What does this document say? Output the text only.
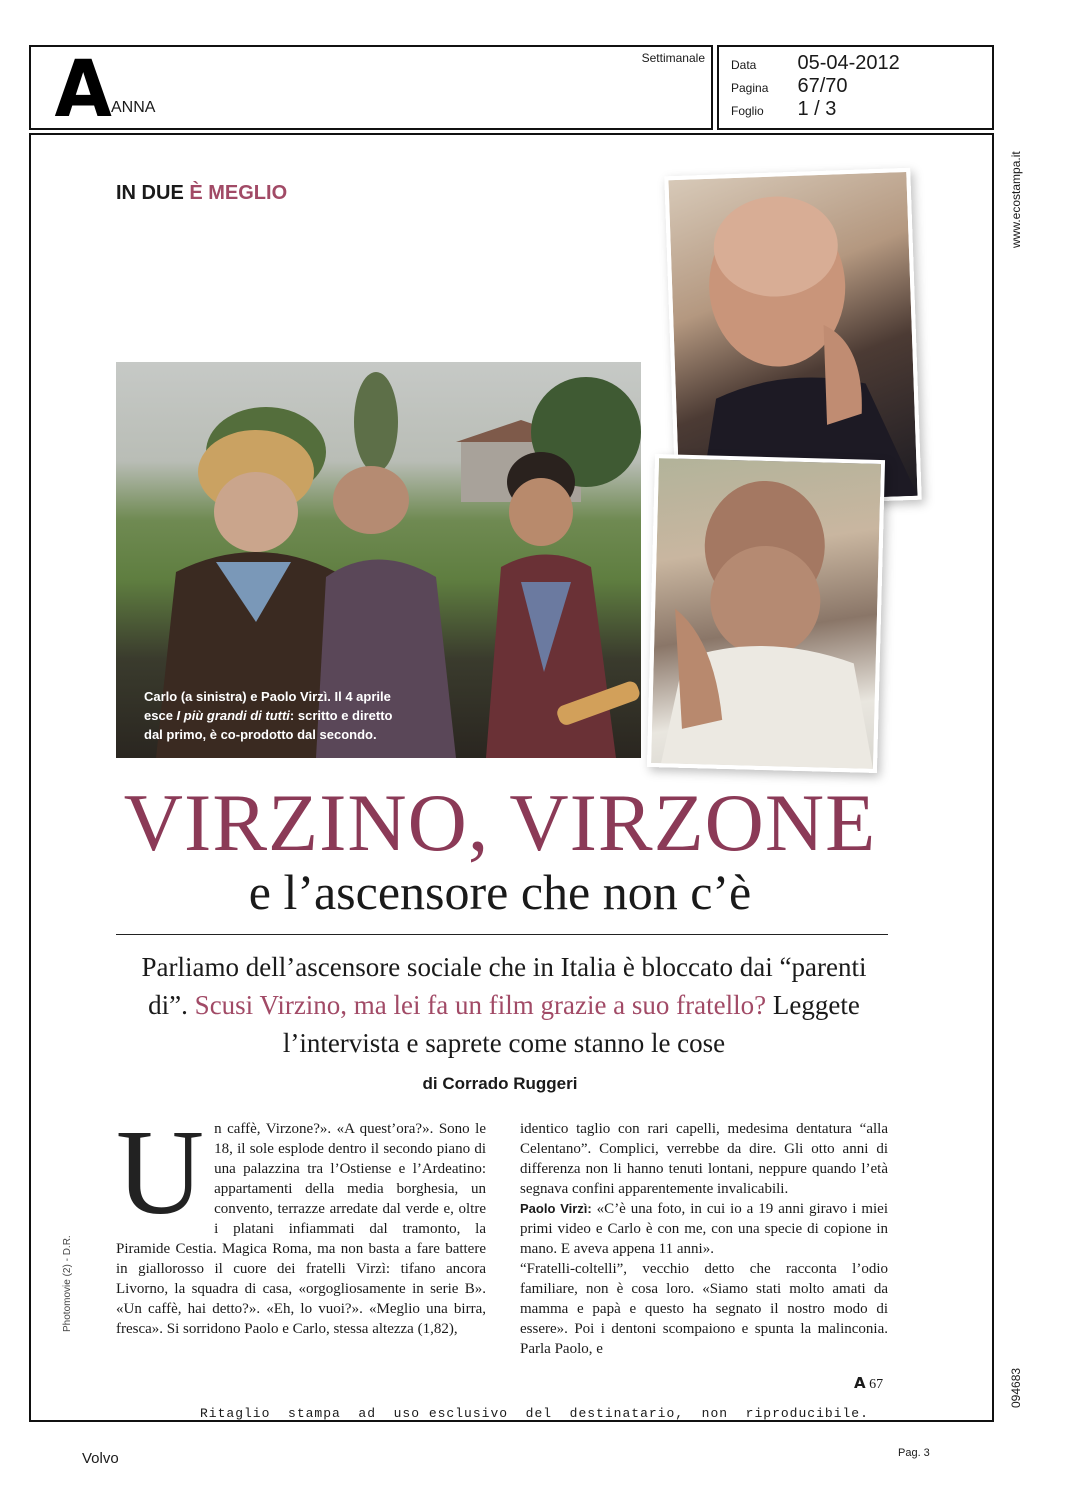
A ANNA
Settimanale Data 05-04-2012
Pagina 67/70
Foglio 1 / 3
www.ecostampa.it
094683
Photomovie (2) - D.R.
IN DUE È MEGLIO
Carlo (a sinistra) e Paolo Virzì. Il 4 aprile
esce I più grandi di tutti: scritto e diretto
dal primo, è co-prodotto dal secondo.
VIRZINO, VIRZONE
e l’ascensore che non c’è
Parliamo dell’ascensore sociale che in Italia è bloccato dai “parenti di”. Scusi Virzino, ma lei fa un film grazie a suo fratello? Leggete l’intervista e saprete come stanno le cose
di Corrado Ruggeri
U n caffè, Virzone?». «A quest’ora?». Sono le 18, il sole esplode dentro il secondo piano di una palazzina tra l’Ostiense e l’Ardeatino: appartamenti della media borghesia, un convento, terrazze arredate dal verde e, oltre i platani infiammati dal tramonto, la Piramide Cestia. Magica Roma, ma non basta a fare battere in giallorosso il cuore dei fratelli Virzì: tifano ancora Livorno, la squadra di casa, «orgogliosamente in serie B». «Un caffè, hai detto?». «Eh, lo vuoi?». «Meglio una birra, fresca». Si sorridono Paolo e Carlo, stessa altezza (1,82),

identico taglio con rari capelli, medesima dentatura “alla Celentano”. Complici, verrebbe da dire. Gli otto anni di differenza non li hanno tenuti lontani, neppure quando l’età segnava confini apparentemente invalicabili.

Paolo Virzì: «C’è una foto, in cui io a 19 anni giravo i miei primi video e Carlo è con me, con una specie di copione in mano. E aveva appena 11 anni».

“Fratelli-coltelli”, vecchio detto che racconta l’odio familiare, non è cosa loro. «Siamo stati molto amati da mamma e papà e questo ha segnato il nostro modo di essere». Poi i dentoni scompaiono e spunta la malinconia. Parla Paolo, e

A 67
Ritaglio  stampa  ad  uso esclusivo  del  destinatario,  non  riproducibile.
Volvo	Pag. 3
